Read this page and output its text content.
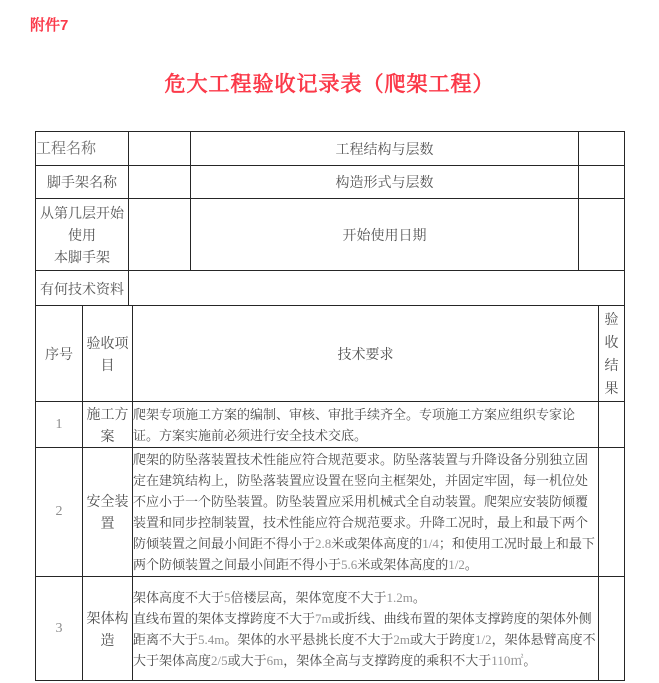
附件7
危大工程验收记录表（爬架工程）
工程名称		工程结构与层数	
脚手架名称		构造形式与层数	

从第几层开始
使用
本脚手架		开始使用日期	
有何技术资料			
序号	验收项目	技术要求	验收结果
1	施工方案	爬架专项施工方案的编制、审核、审批手续齐全。专项施工方案应组织专家论证。方案实施前必须进行安全技术交底。	

2	安全装置	爬架的防坠落装置技术性能应符合规范要求。防坠落装置与升降设备分别独立固定在建筑结构上，防坠落装置应设置在竖向主框架处，并固定牢固，每一机位处不应小于一个防坠装置。防坠装置应采用机械式全自动装置。爬架应安装防倾覆装置和同步控制装置，技术性能应符合规范要求。升降工况时，最上和最下两个防倾装置之间最小间距不得小于2.8米或架体高度的1/4；和使用工况时最上和最下两个防倾装置之间最小间距不得小于5.6米或架体高度的1/2。	

3	架体构造	架体高度不大于5倍楼层高，架体宽度不大于1.2m。

直线布置的架体支撑跨度不大于7m或折线、曲线布置的架体支撑跨度的架体外侧距离不大于5.4m。架体的水平悬挑长度不大于2m或大于跨度1/2，架体悬臂高度不大于架体高度2/5或大于6m，架体全高与支撑跨度的乘积不大于110㎡。	
